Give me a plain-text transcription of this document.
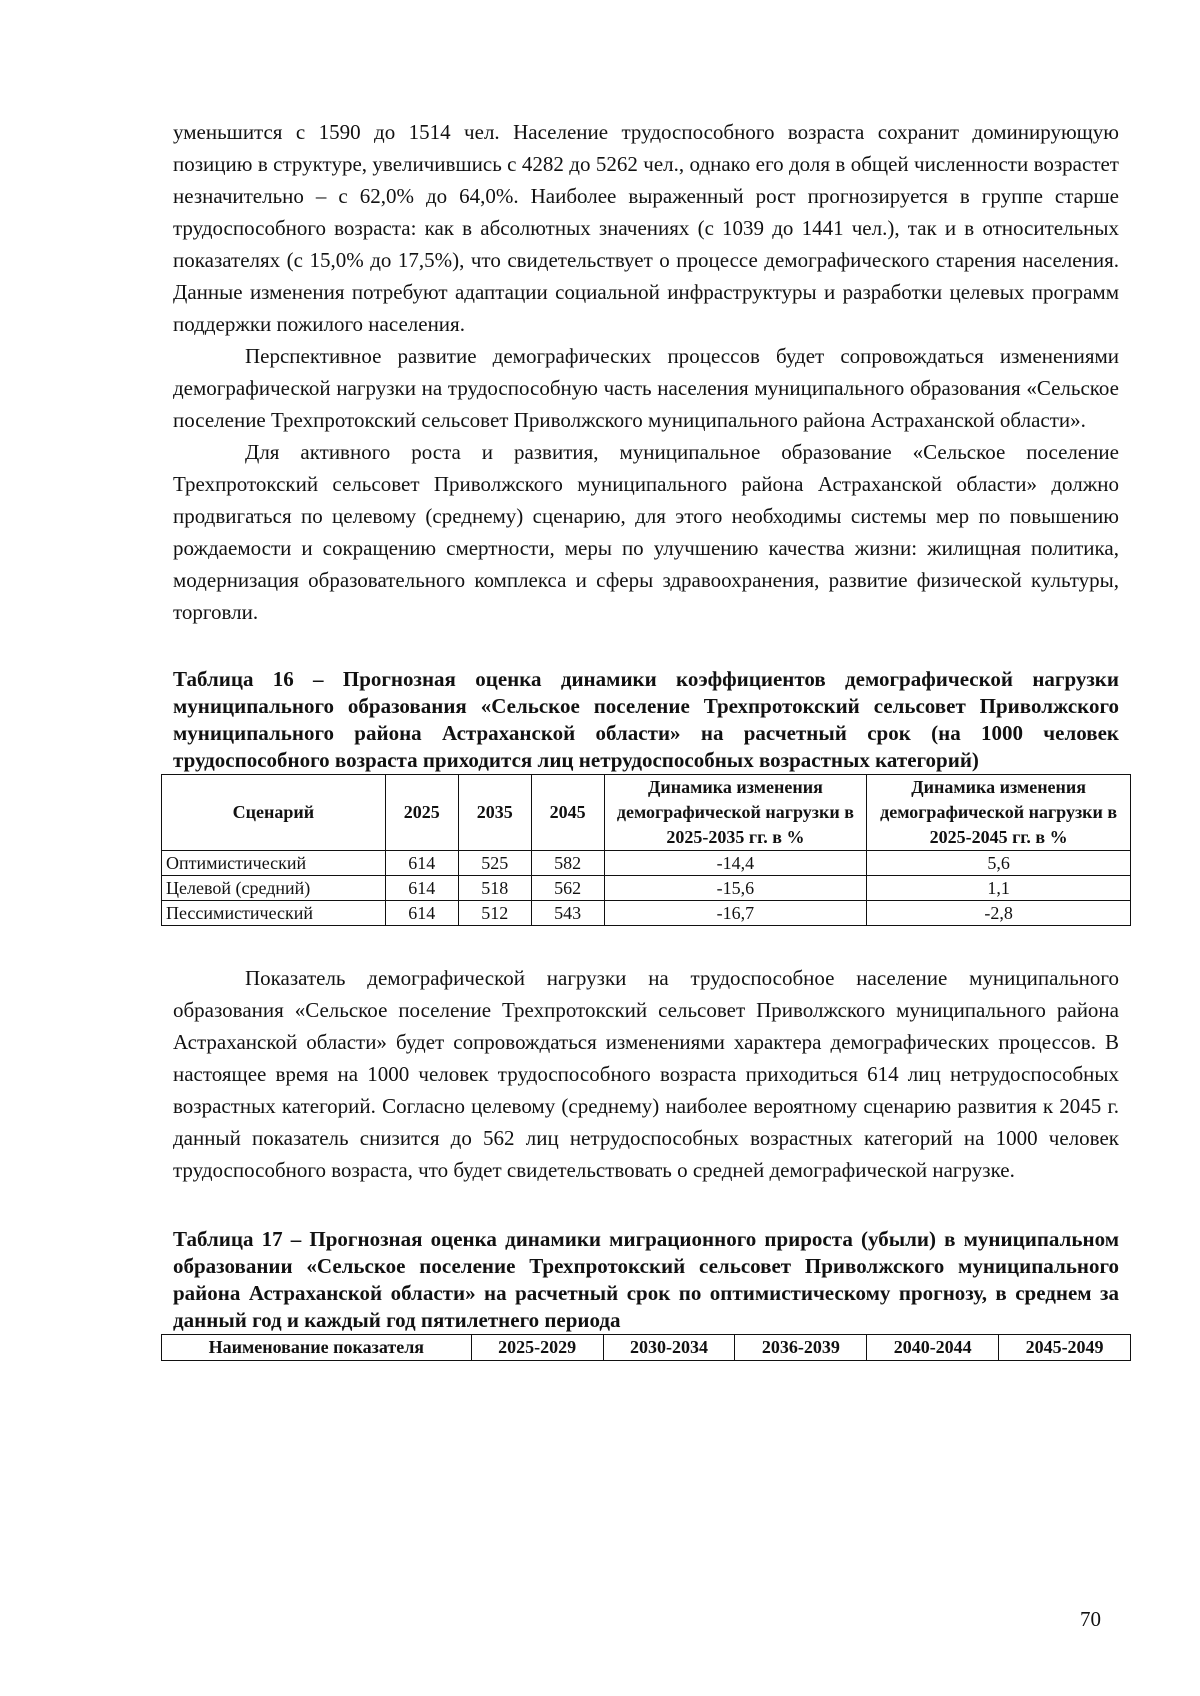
уменьшится с 1590 до 1514 чел. Население трудоспособного возраста сохранит доминирующую позицию в структуре, увеличившись с 4282 до 5262 чел., однако его доля в общей численности возрастет незначительно – с 62,0% до 64,0%. Наиболее выраженный рост прогнозируется в группе старше трудоспособного возраста: как в абсолютных значениях (с 1039 до 1441 чел.), так и в относительных показателях (с 15,0% до 17,5%), что свидетельствует о процессе демографического старения населения. Данные изменения потребуют адаптации социальной инфраструктуры и разработки целевых программ поддержки пожилого населения.

Перспективное развитие демографических процессов будет сопровождаться изменениями демографической нагрузки на трудоспособную часть населения муниципального образования «Сельское поселение Трехпротокский сельсовет Приволжского муниципального района Астраханской области».

Для активного роста и развития, муниципальное образование «Сельское поселение Трехпротокский сельсовет Приволжского муниципального района Астраханской области» должно продвигаться по целевому (среднему) сценарию, для этого необходимы системы мер по повышению рождаемости и сокращению смертности, меры по улучшению качества жизни: жилищная политика, модернизация образовательного комплекса и сферы здравоохранения, развитие физической культуры, торговли.

Таблица 16 – Прогнозная оценка динамики коэффициентов демографической нагрузки муниципального образования «Сельское поселение Трехпротокский сельсовет Приволжского муниципального района Астраханской области» на расчетный срок (на 1000 человек трудоспособного возраста приходится лиц нетрудоспособных возрастных категорий)

Сценарий	2025	2035	2045	Динамика изменения демографической нагрузки в 2025-2035 гг. в %	Динамика изменения демографической нагрузки в 2025-2045 гг. в %
Оптимистический	614	525	582	-14,4	5,6
Целевой (средний)	614	518	562	-15,6	1,1
Пессимистический	614	512	543	-16,7	-2,8

Показатель демографической нагрузки на трудоспособное население муниципального образования «Сельское поселение Трехпротокский сельсовет Приволжского муниципального района Астраханской области» будет сопровождаться изменениями характера демографических процессов. В настоящее время на 1000 человек трудоспособного возраста приходиться 614 лиц нетрудоспособных возрастных категорий. Согласно целевому (среднему) наиболее вероятному сценарию развития к 2045 г. данный показатель снизится до 562 лиц нетрудоспособных возрастных категорий на 1000 человек трудоспособного возраста, что будет свидетельствовать о средней демографической нагрузке.

Таблица 17 – Прогнозная оценка динамики миграционного прироста (убыли) в муниципальном образовании «Сельское поселение Трехпротокский сельсовет Приволжского муниципального района Астраханской области» на расчетный срок по оптимистическому прогнозу, в среднем за данный год и каждый год пятилетнего периода

Наименование показателя	2025-2029	2030-2034	2036-2039	2040-2044	2045-2049
70
